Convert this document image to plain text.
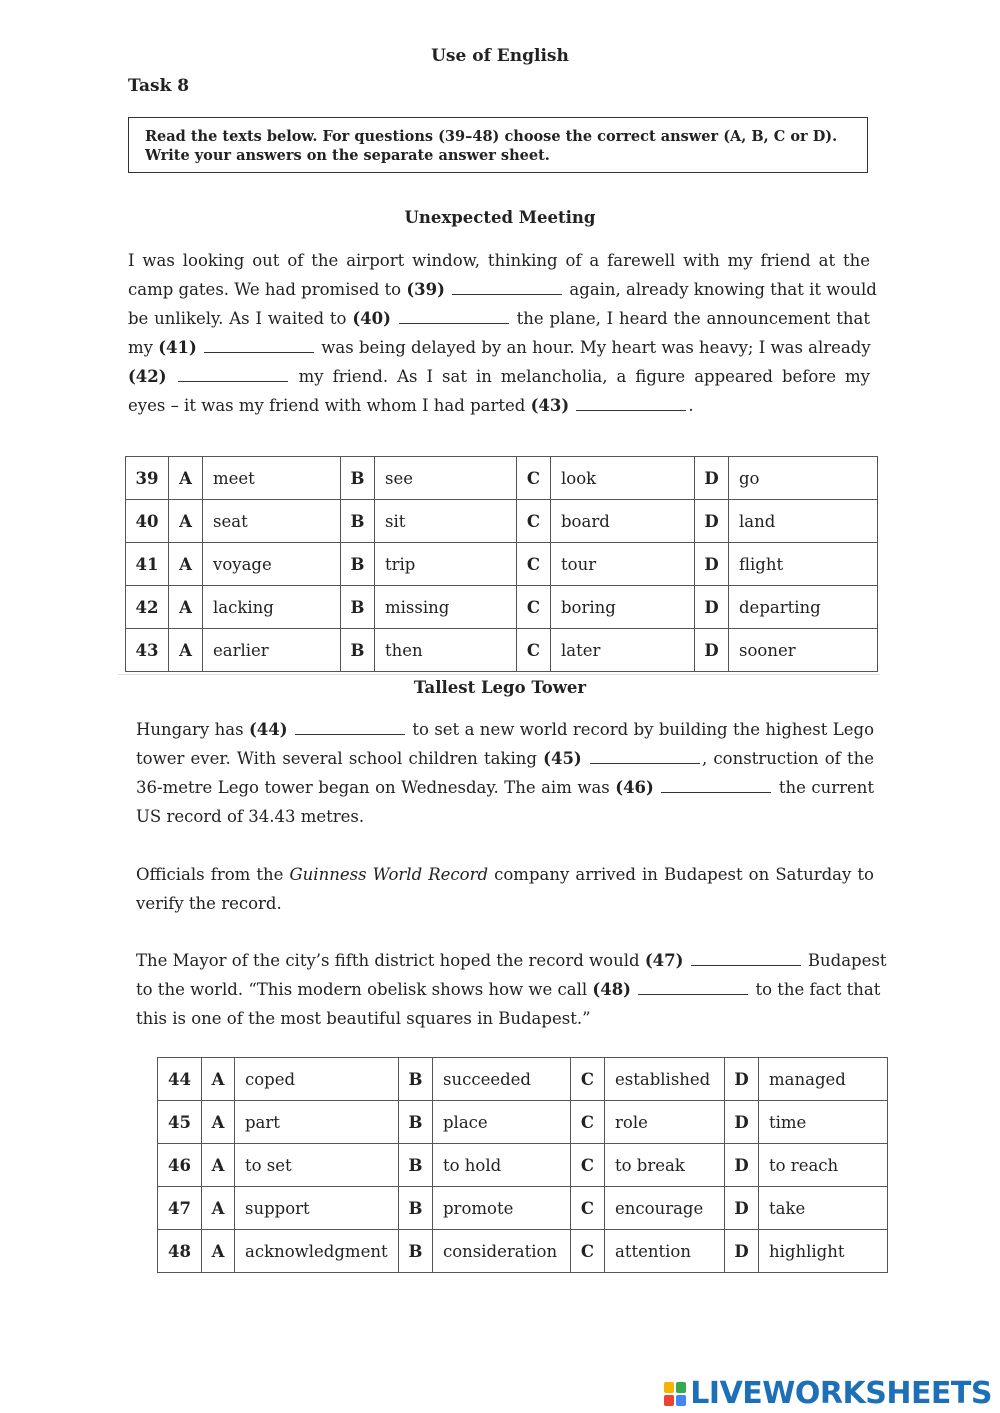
Use of English
Task 8
Read the texts below. For questions (39–48) choose the correct answer (A, B, C or D).
Write your answers on the separate answer sheet.
Unexpected Meeting
I was looking out of the airport window, thinking of a farewell with my friend at the
camp gates. We had promised to (39)	again, already knowing that it would
be unlikely. As I waited to (40)	the plane, I heard the announcement that
my (41)	was being delayed by an hour. My heart was heavy; I was already
(42)	my friend. As I sat in melancholia, a figure appeared before my
eyes – it was my friend with whom I had parted (43)	.
39	A	meet	B	see	C	look	D	go
40	A	seat	B	sit	C	board	D	land
41	A	voyage	B	trip	C	tour	D	flight
42	A	lacking	B	missing	C	boring	D	departing
43	A	earlier	B	then	C	later	D	sooner
Tallest Lego Tower
Hungary has (44)	to set a new world record by building the highest Lego
tower ever. With several school children taking (45)	, construction of the
36-metre Lego tower began on Wednesday. The aim was (46)	the current
US record of 34.43 metres.
Officials from the Guinness World Record company arrived in Budapest on Saturday to
verify the record.
The Mayor of the city’s fifth district hoped the record would (47)	Budapest
to the world. “This modern obelisk shows how we call (48)	to the fact that
this is one of the most beautiful squares in Budapest.”
44	A	coped	B	succeeded	C	established	D	managed
45	A	part	B	place	C	role	D	time
46	A	to set	B	to hold	C	to break	D	to reach
47	A	support	B	promote	C	encourage	D	take
48	A	acknowledgment	B	consideration	C	attention	D	highlight
LIVEWORKSHEETS
